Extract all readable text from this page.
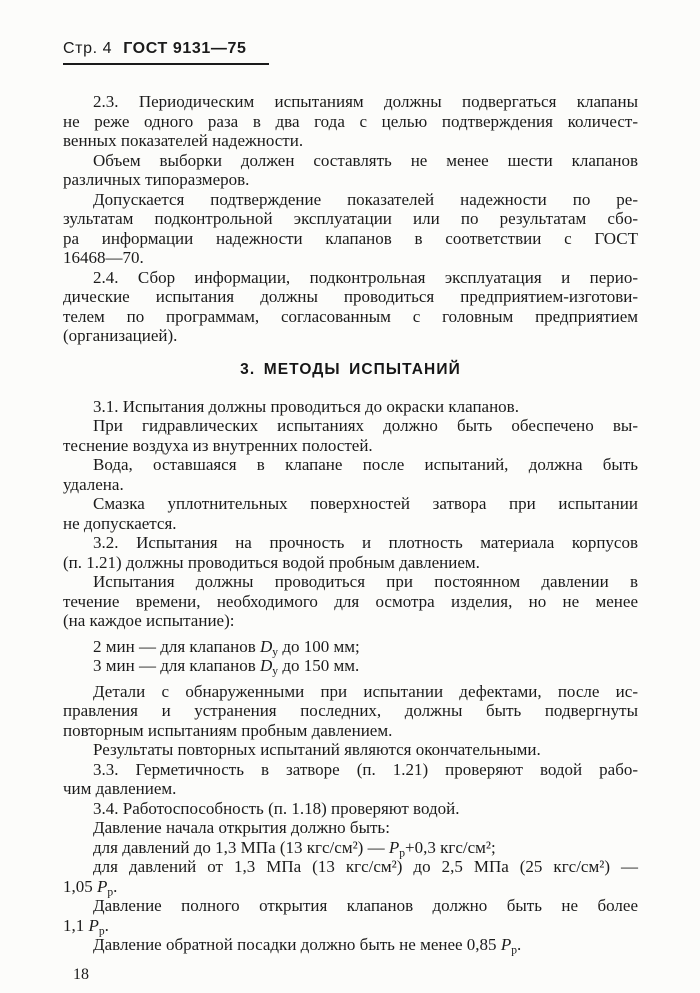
Стр. 4 ГОСТ 9131—75

2.3. Периодическим испытаниям должны подвергаться клапаны
не реже одного раза в два года с целью подтверждения количест-
венных показателей надежности.

Объем выборки должен составлять не менее шести клапанов
различных типоразмеров.

Допускается подтверждение показателей надежности по ре-
зультатам подконтрольной эксплуатации или по результатам сбо-
ра информации надежности клапанов в соответствии с ГОСТ
16468—70.

2.4. Сбор информации, подконтрольная эксплуатация и перио-
дические испытания должны проводиться предприятием-изготови-
телем по программам, согласованным с головным предприятием
(организацией).

3. МЕТОДЫ ИСПЫТАНИЙ

3.1. Испытания должны проводиться до окраски клапанов.

При гидравлических испытаниях должно быть обеспечено вы-
теснение воздуха из внутренних полостей.

Вода, оставшаяся в клапане после испытаний, должна быть
удалена.

Смазка уплотнительных поверхностей затвора при испытании
не допускается.

3.2. Испытания на прочность и плотность материала корпусов
(п. 1.21) должны проводиться водой пробным давлением.

Испытания должны проводиться при постоянном давлении в
течение времени, необходимого для осмотра изделия, но не менее
(на каждое испытание):

2 мин — для клапанов $D_у$ до 100 мм;

3 мин — для клапанов $D_у$ до 150 мм.

Детали с обнаруженными при испытании дефектами, после ис-
правления и устранения последних, должны быть подвергнуты
повторным испытаниям пробным давлением.

Результаты повторных испытаний являются окончательными.

3.3. Герметичность в затворе (п. 1.21) проверяют водой рабо-
чим давлением.

3.4. Работоспособность (п. 1.18) проверяют водой.

Давление начала открытия должно быть:

для давлений до 1,3 МПа (13 кгс/см²) — $P_р+0,3$ кгс/см²;

для давлений от 1,3 МПа (13 кгс/см²) до 2,5 МПа (25 кгс/см²) —
1,05 $P_р$.

Давление полного открытия клапанов должно быть не более
1,1 $P_р$.

Давление обратной посадки должно быть не менее 0,85 $P_р$.

18
